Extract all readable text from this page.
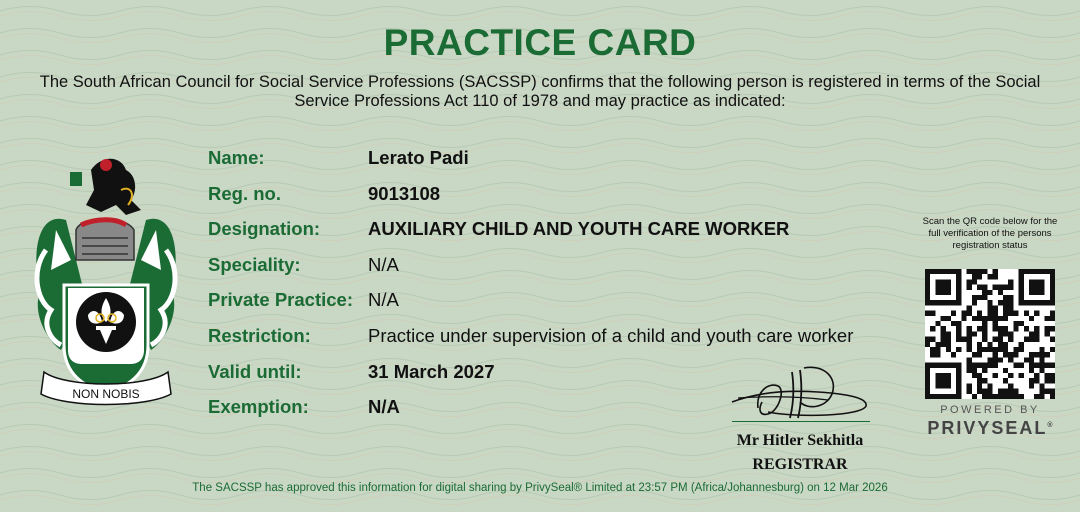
PRACTICE CARD
The South African Council for Social Service Professions (SACSSP) confirms that the following person is registered in terms of the Social Service Professions Act 110 of 1978 and may practice as indicated:
NON NOBIS
Name:	Lerato Padi
Reg. no.	9013108
Designation:	AUXILIARY CHILD AND YOUTH CARE WORKER
Speciality:	N/A
Private Practice: N/A
Restriction:	Practice under supervision of a child and youth care worker
Valid until:	31 March 2027
Exemption:	N/A
Mr Hitler Sekhitla
REGISTRAR
Scan the QR code below for the full verification of the persons registration status
POWERED BY
PRIVYSEAL®
The SACSSP has approved this information for digital sharing by PrivySeal® Limited at 23:57 PM (Africa/Johannesburg) on 12 Mar 2026
